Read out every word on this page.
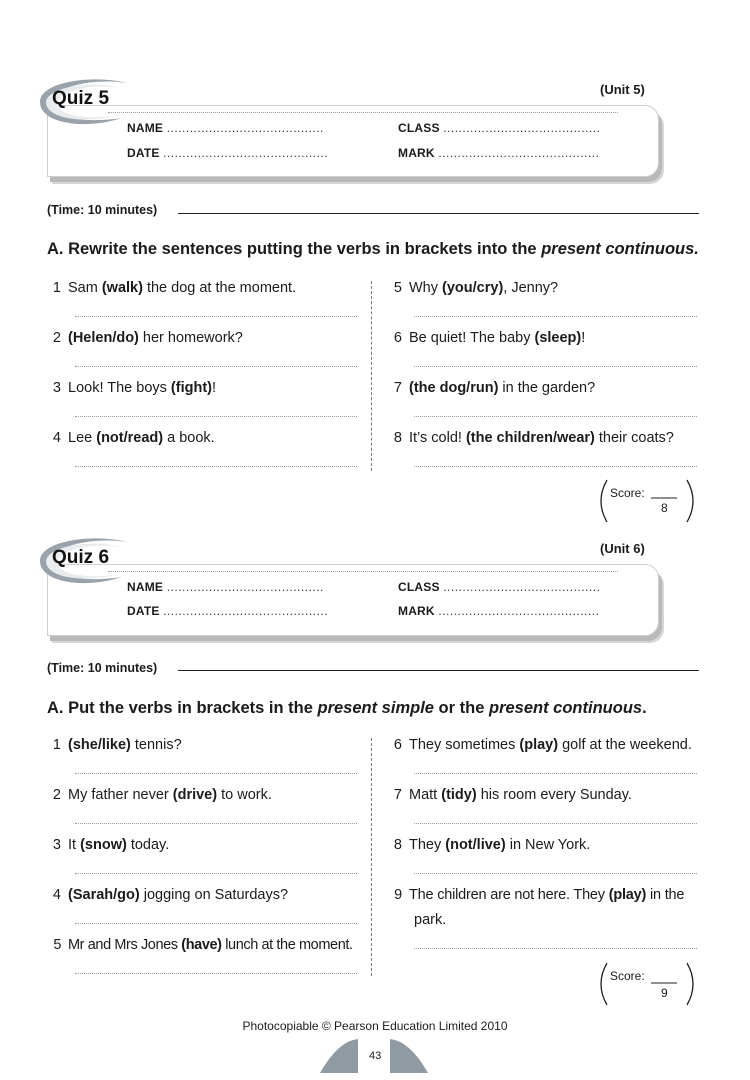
Quiz 5	(Unit 5)
NAME .........................................
DATE ...........................................
CLASS .........................................
MARK ..........................................
(Time: 10 minutes)
A. Rewrite the sentences putting the verbs in brackets into the present continuous.
1 Sam (walk) the dog at the moment.
2 (Helen/do) her homework?
3 Look! The boys (fight)!
4 Lee (not/read) a book.
5 Why (you/cry), Jenny?
6 Be quiet! The baby (sleep)!
7 (the dog/run) in the garden?
8 It’s cold! (the children/wear) their coats?
Score:
8
Quiz 6	(Unit 6)
NAME .........................................
DATE ...........................................
CLASS .........................................
MARK ..........................................
(Time: 10 minutes)
A. Put the verbs in brackets in the present simple or the present continuous.
1 (she/like) tennis?
2 My father never (drive) to work.
3 It (snow) today.
4 (Sarah/go) jogging on Saturdays?
5 Mr and Mrs Jones (have) lunch at the moment.
6 They sometimes (play) golf at the weekend.
7 Matt (tidy) his room every Sunday.
8 They (not/live) in New York.
9 The children are not here. They (play) in the
park.
Score:
9
Photocopiable © Pearson Education Limited 2010
43
